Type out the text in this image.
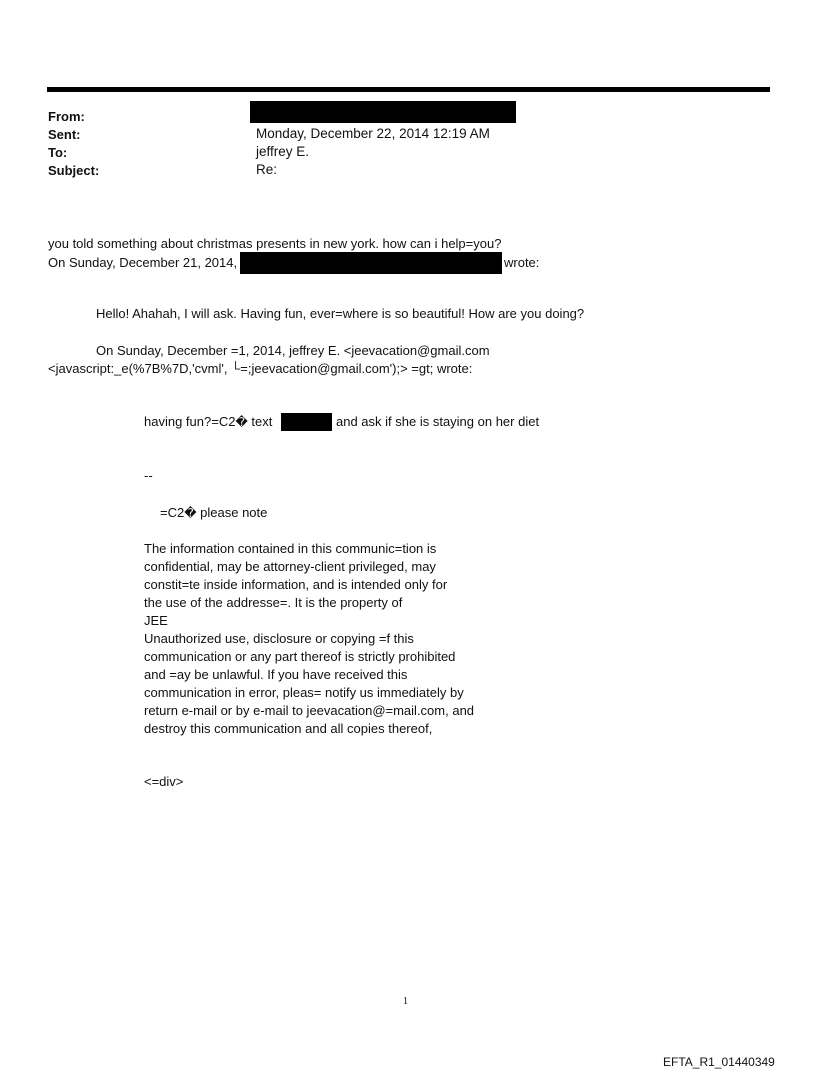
From:
Sent:	Monday, December 22, 2014 12:19 AM
To:	jeffrey E.
Subject:	Re:
you told something about christmas presents in new york. how can i help=you?
On Sunday, December 21, 2014,	wrote:
Hello! Ahahah, I will ask. Having fun, ever=where is so beautiful! How are you doing?
On Sunday, December =1, 2014, jeffrey E. <jeevacation@gmail.com
<javascript:_e(%7B%7D,'cvml', └=;jeevacation@gmail.com');> =gt; wrote:
having fun?=C2� text	and ask if she is staying on her diet
--
=C2� please note
The information contained in this communic=tion is
confidential, may be attorney-client privileged, may
constit=te inside information, and is intended only for
the use of the addresse=. It is the property of
JEE
Unauthorized use, disclosure or copying =f this
communication or any part thereof is strictly prohibited
and =ay be unlawful. If you have received this
communication in error, pleas= notify us immediately by
return e-mail or by e-mail to jeevacation@=mail.com, and
destroy this communication and all copies thereof,
<=div>
1
EFTA_R1_01440349
